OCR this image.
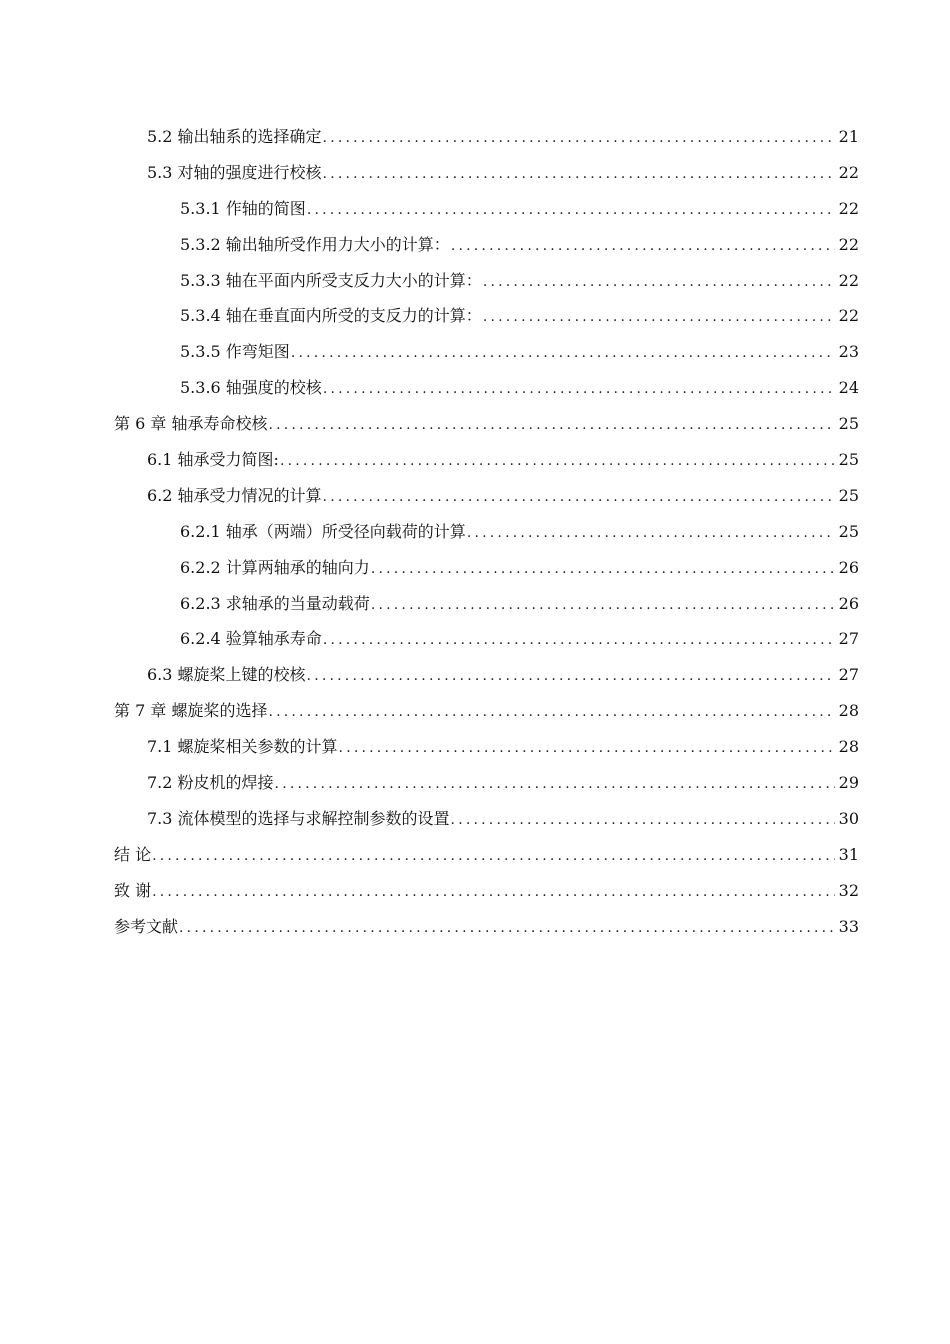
5.2 输出轴系的选择确定 .....	21
5.3 对轴的强度进行校核 .....	22
5.3.1 作轴的简图 .....	22
5.3.2 输出轴所受作用力大小的计算： .....	22
5.3.3 轴在平面内所受支反力大小的计算： .....	22
5.3.4 轴在垂直面内所受的支反力的计算： .....	22
5.3.5 作弯矩图 .....	23
5.3.6 轴强度的校核 .....	24
第 6 章 轴承寿命校核 .....	25
6.1 轴承受力简图: .....	25
6.2 轴承受力情况的计算 .....	25
6.2.1 轴承（两端）所受径向载荷的计算 .....	25
6.2.2 计算两轴承的轴向力 .....	26
6.2.3 求轴承的当量动载荷 .....	26
6.2.4 验算轴承寿命 .....	27
6.3 螺旋桨上键的校核 .....	27
第 7 章 螺旋桨的选择 .....	28
7.1 螺旋桨相关参数的计算 .....	28
7.2 粉皮机的焊接 .....	29
7.3 流体模型的选择与求解控制参数的设置 .....	30
结 论 .....	31
致 谢 .....	32
参考文献 .....	33
